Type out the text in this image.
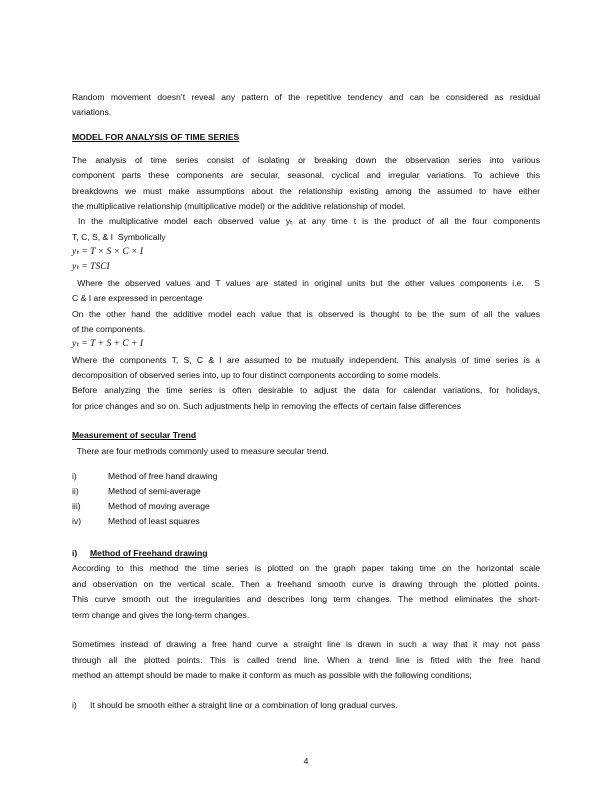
Random movement doesn’t reveal any pattern of the repetitive tendency and can be considered as residual
variations.
MODEL FOR ANALYSIS OF TIME SERIES
The analysis of time series consist of isolating or breaking down the observation series into various
component parts these components are secular, seasonal, cyclical and irregular variations. To achieve this
breakdowns we must make assumptions about the relationship existing among the assumed to have either
the multiplicative relationship (multiplicative model) or the additive relationship of model.
In the multiplicative model each observed value yₜ at any time t is the product of all the four components
T, C, S, & I  Symbolically
yₜ = T × S × C × I
yₜ = TSCI
Where the observed values and T values are stated in original units but the other values components i.e.  S
C & I are expressed in percentage
On the other hand the additive model each value that is observed is thought to be the sum of all the values
of the components.
yₜ = T + S + C + I
Where the components T, S, C & I are assumed to be mutually independent. This analysis of time series is a
decomposition of observed series into, up to four distinct components according to some models.
Before analyzing the time series is often desirable to adjust the data for calendar variations, for holidays,
for price changes and so on. Such adjustments help in removing the effects of certain false differences
Measurement of secular Trend
There are four methods commonly used to measure secular trend.
i)	Method of free hand drawing
ii)	Method of semi-average
iii)	Method of moving average
iv)	Method of least squares
i) Method of Freehand drawing
According to this method the time series is plotted on the graph paper taking time on the horizontal scale
and observation on the vertical scale. Then a freehand smooth curve is drawing through the plotted points.
This curve smooth out the irregularities and describes long term changes. The method eliminates the short-
term change and gives the long-term changes.
Sometimes instead of drawing a free hand curve a straight line is drawn in such a way that it may not pass
through all the plotted points. This is called trend line. When a trend line is fitted with the free hand
method an attempt should be made to make it conform as much as possible with the following conditions;
i) It should be smooth either a straight line or a combination of long gradual curves.
4
